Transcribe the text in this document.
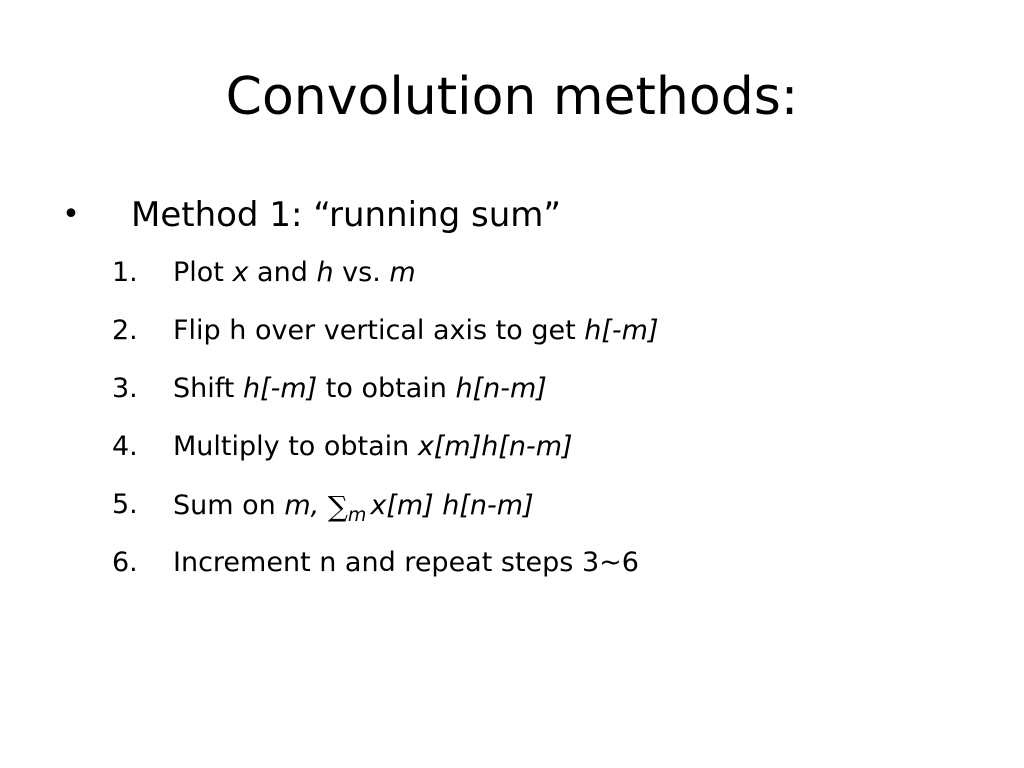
Convolution methods:
• Method 1: “running sum”
1.	Plot x and h vs. m
2.	Flip h over vertical axis to get h[-m]
3.	Shift h[-m] to obtain h[n-m]
4.	Multiply to obtain x[m]h[n-m]
5.	Sum on m, $\sum_m$ x[m] h[n-m]
6.	Increment n and repeat steps 3~6
